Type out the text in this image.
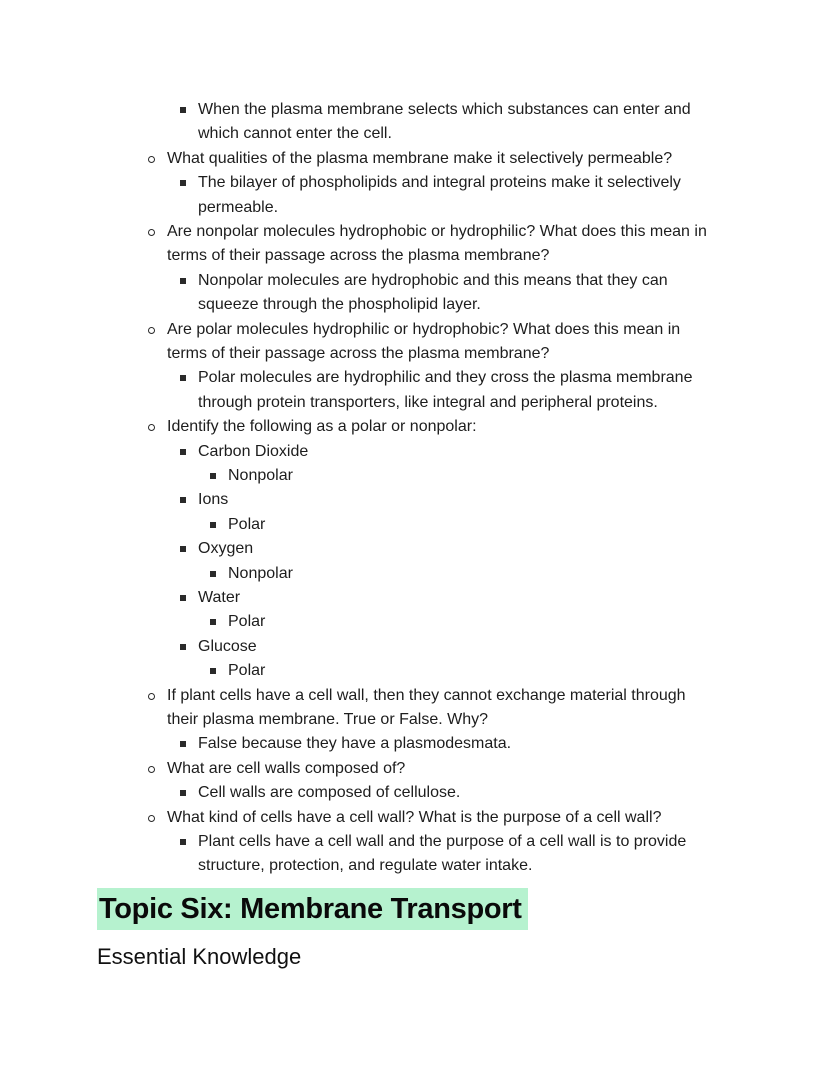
When the plasma membrane selects which substances can enter and
which cannot enter the cell.
What qualities of the plasma membrane make it selectively permeable?
The bilayer of phospholipids and integral proteins make it selectively
permeable.
Are nonpolar molecules hydrophobic or hydrophilic? What does this mean in
terms of their passage across the plasma membrane?
Nonpolar molecules are hydrophobic and this means that they can
squeeze through the phospholipid layer.
Are polar molecules hydrophilic or hydrophobic? What does this mean in
terms of their passage across the plasma membrane?
Polar molecules are hydrophilic and they cross the plasma membrane
through protein transporters, like integral and peripheral proteins.
Identify the following as a polar or nonpolar:
Carbon Dioxide
Nonpolar
Ions
Polar
Oxygen
Nonpolar
Water
Polar
Glucose
Polar
If plant cells have a cell wall, then they cannot exchange material through
their plasma membrane. True or False. Why?
False because they have a plasmodesmata.
What are cell walls composed of?
Cell walls are composed of cellulose.
What kind of cells have a cell wall? What is the purpose of a cell wall?
Plant cells have a cell wall and the purpose of a cell wall is to provide
structure, protection, and regulate water intake.
Topic Six: Membrane Transport
Essential Knowledge
